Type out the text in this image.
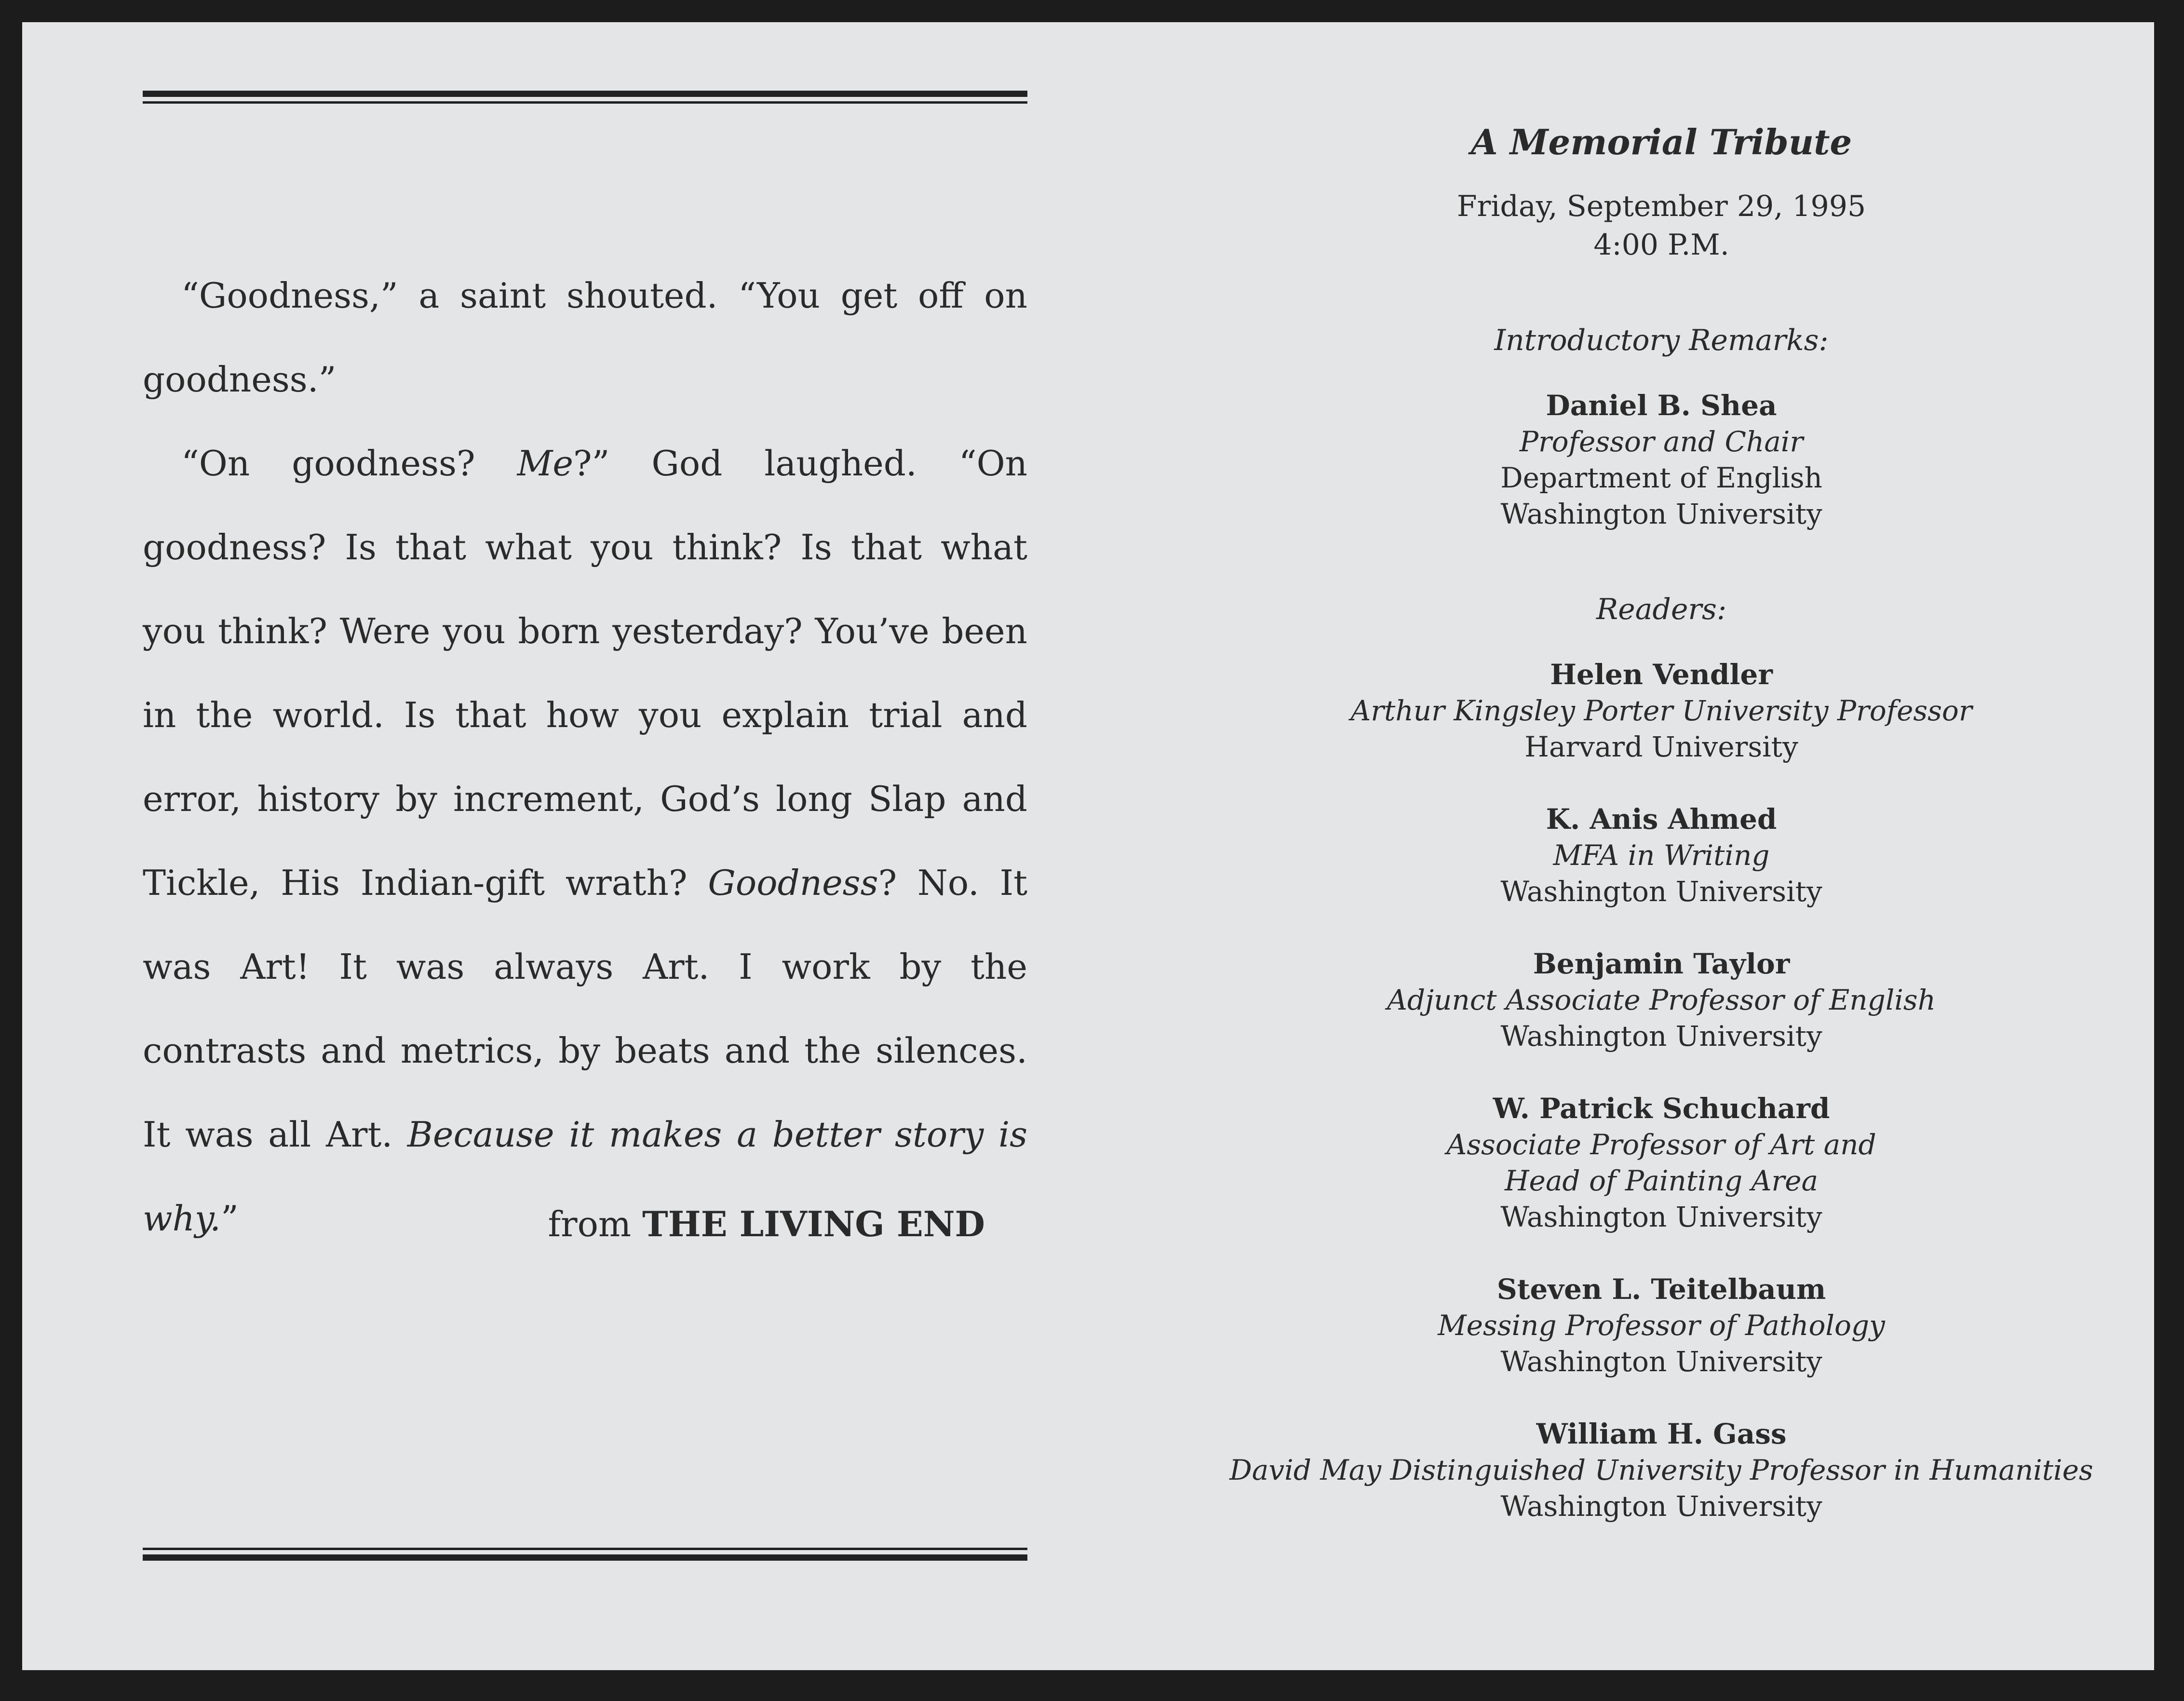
“Goodness,” a saint shouted. “You get off on goodness.”

“On goodness? Me?” God laughed. “On goodness? Is that what you think? Is that what you think? Were you born yesterday? You’ve been in the world. Is that how you explain trial and error, history by increment, God’s long Slap and Tickle, His Indian-gift wrath? Goodness? No. It was Art! It was always Art. I work by the contrasts and metrics, by beats and the silences. It was all Art. Because it makes a better story is why.”	from THE LIVING END
A Memorial Tribute
Friday, September 29, 1995
4:00 P.M.
Introductory Remarks:
Daniel B. Shea
Professor and Chair
Department of English
Washington University
Readers:
Helen Vendler
Arthur Kingsley Porter University Professor
Harvard University
K. Anis Ahmed
MFA in Writing
Washington University
Benjamin Taylor
Adjunct Associate Professor of English
Washington University
W. Patrick Schuchard
Associate Professor of Art and
Head of Painting Area
Washington University
Steven L. Teitelbaum
Messing Professor of Pathology
Washington University
William H. Gass
David May Distinguished University Professor in Humanities
Washington University
